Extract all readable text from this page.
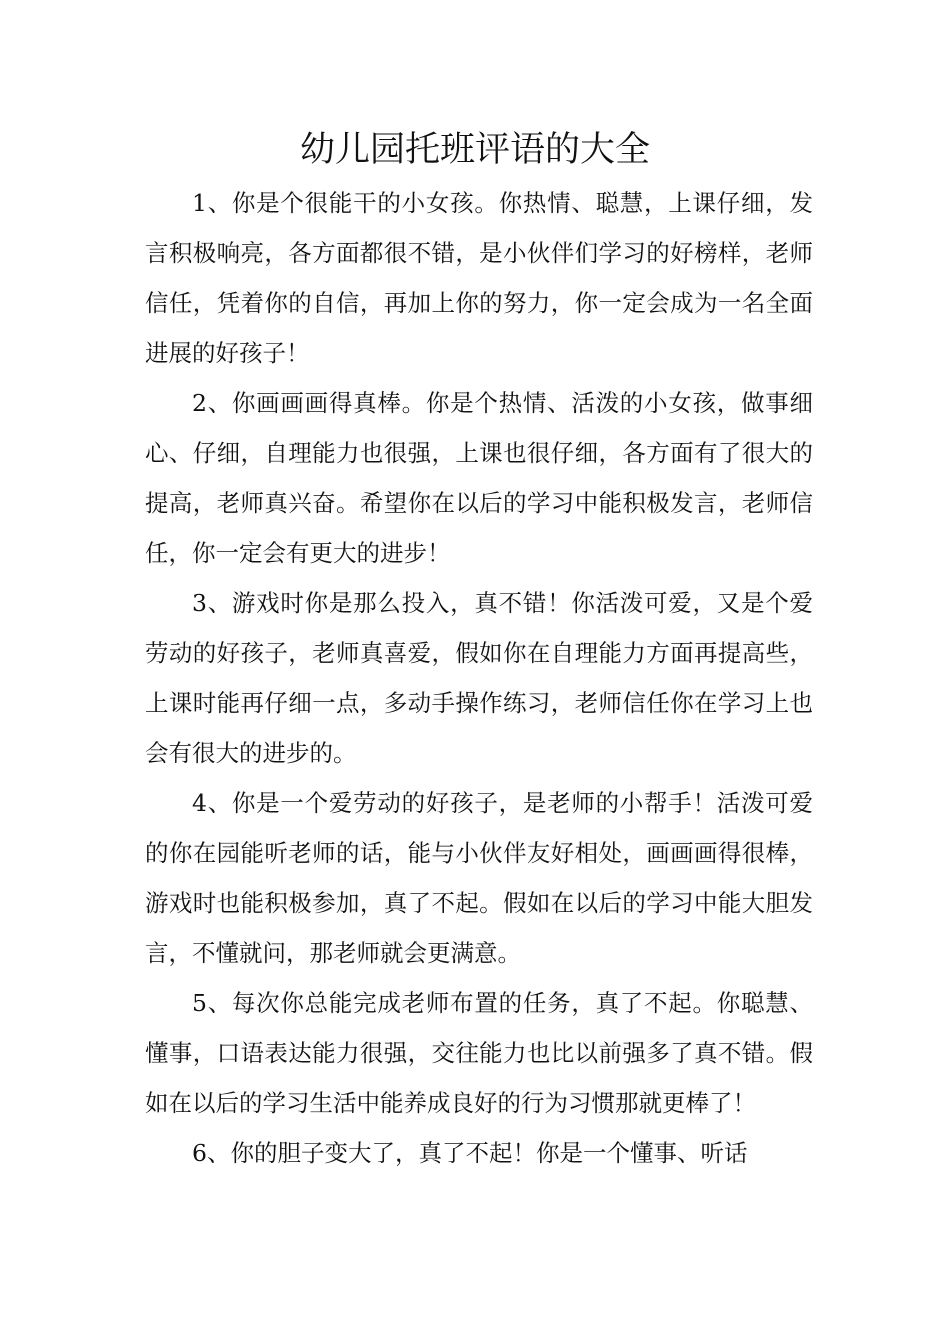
幼儿园托班评语的大全

1、你是个很能干的小女孩。你热情、聪慧，上课仔细，发言积极响亮，各方面都很不错，是小伙伴们学习的好榜样，老师信任，凭着你的自信，再加上你的努力，你一定会成为一名全面进展的好孩子！

2、你画画画得真棒。你是个热情、活泼的小女孩，做事细心、仔细，自理能力也很强，上课也很仔细，各方面有了很大的提高，老师真兴奋。希望你在以后的学习中能积极发言，老师信任，你一定会有更大的进步！

3、游戏时你是那么投入，真不错！你活泼可爱，又是个爱劳动的好孩子，老师真喜爱，假如你在自理能力方面再提高些，上课时能再仔细一点，多动手操作练习，老师信任你在学习上也会有很大的进步的。

4、你是一个爱劳动的好孩子，是老师的小帮手！活泼可爱的你在园能听老师的话，能与小伙伴友好相处，画画画得很棒，游戏时也能积极参加，真了不起。假如在以后的学习中能大胆发言，不懂就问，那老师就会更满意。

5、每次你总能完成老师布置的任务，真了不起。你聪慧、懂事，口语表达能力很强，交往能力也比以前强多了真不错。假如在以后的学习生活中能养成良好的行为习惯那就更棒了！

6、你的胆子变大了，真了不起！你是一个懂事、听话
